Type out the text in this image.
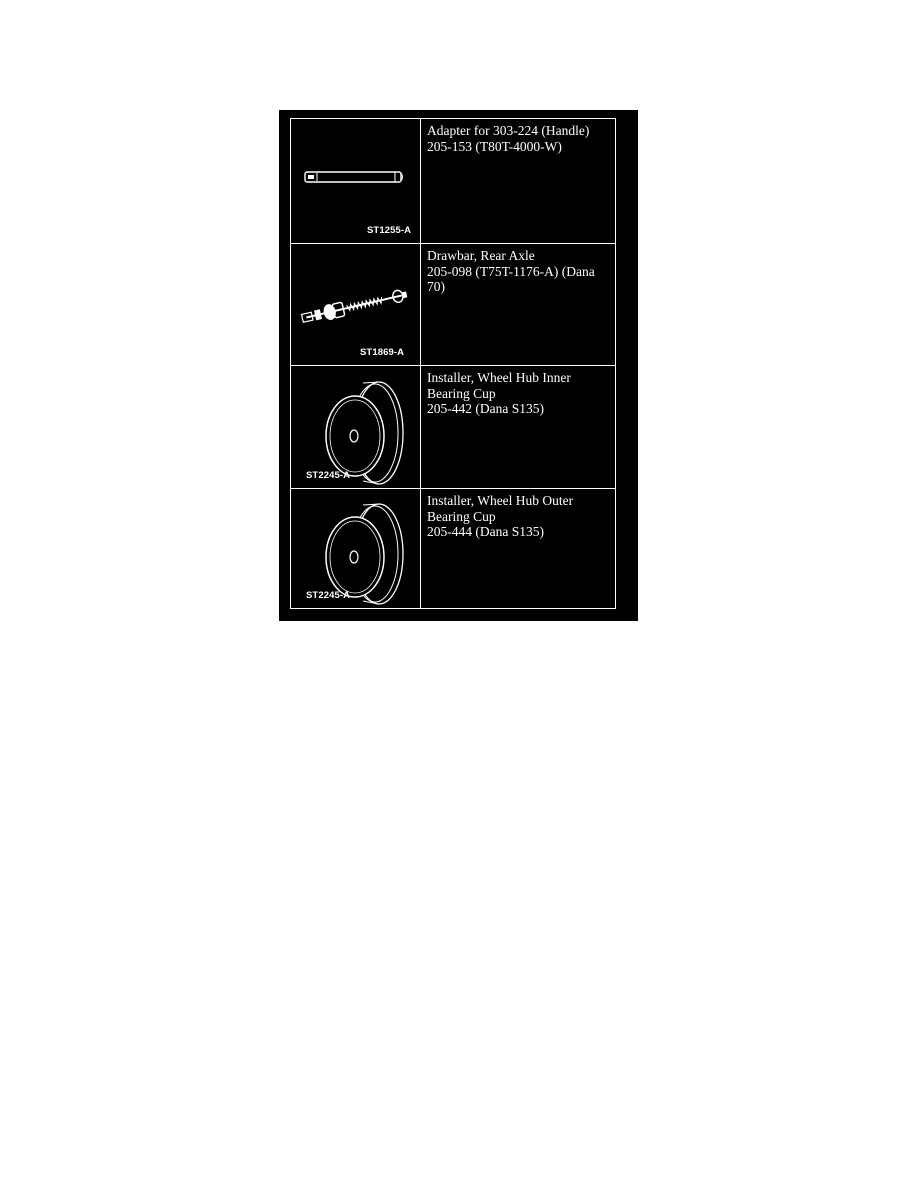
ST1255-A
Adapter for 303-224 (Handle)
205-153 (T80T-4000-W)
ST1869-A
Drawbar, Rear Axle
205-098 (T75T-1176-A) (Dana
70)
ST2245-A
Installer, Wheel Hub Inner
Bearing Cup
205-442 (Dana S135)
ST2245-A
Installer, Wheel Hub Outer
Bearing Cup
205-444 (Dana S135)
